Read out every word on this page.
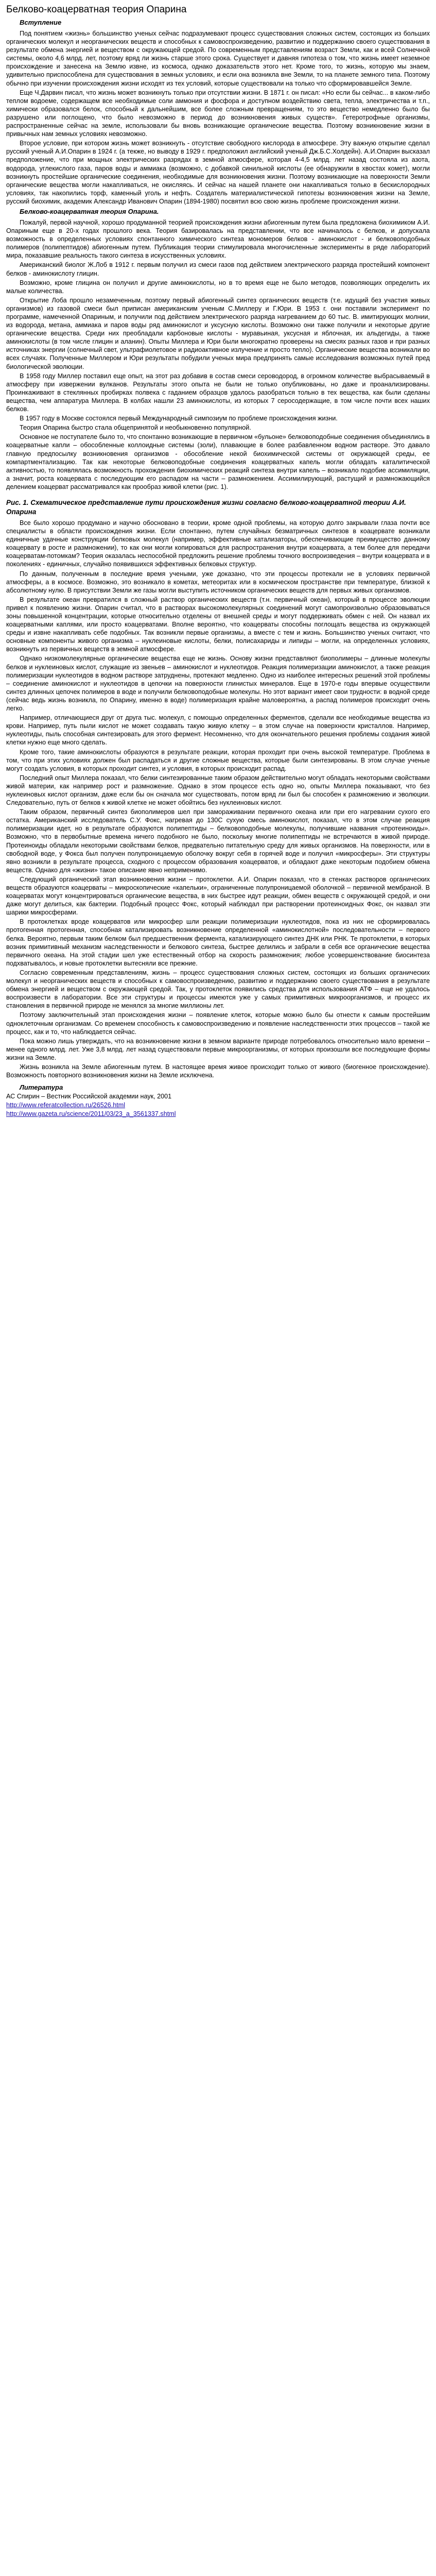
Белково-коацерватная теория Опарина
Вступление

Под понятием «жизнь» большинство ученых сейчас подразумевают процесс существования сложных систем, состоящих из больших органических молекул и неорганических веществ и способных к самовоспроизведению, развитию и поддержанию своего существования в результате обмена энергией и веществом с окружающей средой. По современным представлениям возраст Земли, как и всей Солнечной системы, около 4,6 млрд. лет, поэтому вряд ли жизнь старше этого срока. Существует и давняя гипотеза о том, что жизнь имеет неземное происхождение и занесена на Землю извне, из космоса, однако доказательств этого нет. Кроме того, то жизнь, которую мы знаем, удивительно приспособлена для существования в земных условиях, и если она возникла вне Земли, то на планете земного типа. Поэтому обычно при изучении происхождения жизни исходят из тех условий, которые существовали на только что сформировавшейся Земле.

Еще Ч.Дарвин писал, что жизнь может возникнуть только при отсутствии жизни. В 1871 г. он писал: «Но если бы сейчас... в каком-либо теплом водоеме, содержащем все необходимые соли аммония и фосфора и доступном воздействию света, тепла, электричества и т.п., химически образовался белок, способный к дальнейшим, все более сложным превращениям, то это вещество немедленно было бы разрушено или поглощено, что было невозможно в период до возникновения живых существ». Гетеротрофные организмы, распространенные сейчас на земле, использовали бы вновь возникающие органические вещества. Поэтому возникновение жизни в привычных нам земных условиях невозможно.

Второе условие, при котором жизнь может возникнуть - отсутствие свободного кислорода в атмосфере. Эту важную открытие сделал русский ученый А.И.Опарин в 1924 г. (а текже, но выводу в 1929 г. предположил английский ученый Дж.Б.С.Холдейн). А.И.Опарин высказал предположение, что при мощных электрических разрядах в земной атмосфере, которая 4-4,5 млрд. лет назад состояла из азота, водорода, углекислого газа, паров воды и аммиака (возможно, с добавкой синильной кислоты (ее обнаружили в хвостах комет), могли возникнуть простейшие органические соединения, необходимые для возникновения жизни. Поэтому возникающие на поверхности Земли органические вещества могли накапливаться, не окисляясь. И сейчас на нашей планете они накапливаться только в бескислородных условиях, так накопились торф, каменный уголь и нефть. Создатель материалистической гипотезы возникновения жизни на Земле, русский биохимик, академик Александр Иванович Опарин (1894-1980) посвятил всю свою жизнь проблеме происхождения жизни.

Белково-коацерватная теория Опарина.

Пожалуй, первой научной, хорошо продуманной теорией происхождения жизни абиогенным путем была предложена биохимиком А.И. Опариным еще в 20-х годах прошлого века. Теория базировалась на представлении, что все начиналось с белков, и допускала возможность в определенных условиях спонтанного химического синтеза мономеров белков - аминокислот - и белковоподобных полимеров (полипептидов) абиогенным путем. Публикация теории стимулировала многочисленные эксперименты в ряде лабораторий мира, показавшие реальность такого синтеза в искусственных условиях.

Американский биолог Ж.Лоб в 1912 г. первым получил из смеси газов под действием электрического разряда простейший компонент белков - аминокислоту глицин.

Возможно, кроме глицина он получил и другие аминокислоты, но в то время еще не было методов, позволяющих определить их малые количества.

Открытие Лоба прошло незамеченным, поэтому первый абиогенный синтез органических веществ (т.е. идущий без участия живых организмов) из газовой смеси был приписан американским ученым С.Миллеру и Г.Юри. В 1953 г. они поставили эксперимент по программе, намеченной Опариным, и получили под действием электрического разряда нагреванием до 60 тыс. В. имитирующих молнии, из водорода, метана, аммиака и паров воды ряд аминокислот и уксусную кислоты. Возможно они также получили и некоторые другие органические вещества. Среди них преобладали карбоновые кислоты - муравьиная, уксусная и яблочная, их альдегиды, а также аминокислоты (в том числе глицин и аланин). Опыты Миллера и Юри были многократно проверены на смесях разных газов и при разных источниках энергии (солнечный свет, ультрафиолетовое и радиоактивное излучение и просто тепло). Органические вещества возникали во всех случаях. Полученные Миллером и Юри результаты побудили ученых мира предпринять самые исследования возможных путей пред биологической эволюции.

В 1958 году Миллер поставил еще опыт, на этот раз добавив в состав смеси сероводород, в огромном количестве выбрасываемый в атмосферу при извержении вулканов. Результаты этого опыта не были не только опубликованы, но даже и проанализированы. Проинкаживают в стеклянных пробирках полвека с гаданием образцов удалось разобраться тольно в тех вещества, как были сделаны вещества, чем аппаратура Миллера. В колбах нашли 23 аминокислоты, из которых 7 серосодержащие, в том числе почти всех наших белков.

В 1957 году в Москве состоялся первый Международный симпозиум по проблеме происхождения жизни.

Теория Опарина быстро стала общепринятой и необыкновенно популярной.

Основное не поступателе было то, что спонтанно возникающие в первичном «бульоне» белковоподобные соединения объединялись в коацерватные капли – обособленные коллоидные системы (золи), плавающие в более разбавленном водном растворе. Это давало главную предпосылку возникновения организмов - обособление некой биохимической системы от окружающей среды, ее компартментализацию. Так как некоторые белковоподобные соединения коацерватных капель могли обладать каталитической активностью, то появлялась возможность прохождения биохимических реакций синтеза внутри капель – возникало подобие ассимиляции, а значит, роста коацервата с последующим его распадом на части – размножением. Ассимилирующий, растущий и размножающийся делением коацерват рассматривался как прообраз живой клетки (рис. 1).

Рис. 1. Схематическое представление пути происхождения жизни согласно белково-коацерватной теории А.И. Опарина

Все было хорошо продумано и научно обосновано в теории, кроме одной проблемы, на которую долго закрывали глаза почти все специалисты в области происхождения жизни. Если спонтанно, путем случайных безматричных синтезов в коацервате возникали единичные удачные конструкции белковых молекул (например, эффективные катализаторы, обеспечивающие преимущество данному коацервату в росте и размножении), то как они могли копироваться для распространения внутри коацервата, а тем более для передачи коацерватам-потомкам? Теория оказалась неспособной предложить решение проблемы точного воспроизведения – внутри коацервата и в поколениях - единичных, случайно появившихся эффективных белковых структур.

По данным, полученным в последние время учеными, уже доказано, что эти процессы протекали не в условиях первичной атмосферы, а в космосе. Возможно, это возникало в кометах, метеоритах или в космическом пространстве при температуре, близкой к абсолютному нулю. В присутствии Земли же газы могли выступить источником органических веществ для первых живых организмов.

В результате океан превратился в сложный раствор органических веществ (т.н. первичный океан), который в процессе эволюции привел к появлению жизни. Опарин считал, что в растворах высокомолекулярных соединений могут самопроизвольно образовываться зоны повышенной концентрации, которые относительно отделены от внешней среды и могут поддерживать обмен с ней. Он назвал их коацерватными каплями, или просто коацерватами. Вполне вероятно, что коацерваты способны поглощать вещества из окружающей среды и извне накапливать себе подобных. Так возникли первые организмы, а вместе с тем и жизнь. Большинство ученых считают, что основные компоненты живого организма – нуклеиновые кислоты, белки, полисахариды и липиды – могли, на определенных условиях, возникнуть из первичных веществ в земной атмосфере.

Однако низкомолекулярные органические вещества еще не жизнь. Основу жизни представляют биополимеры – длинные молекулы белков и нуклеиновых кислот, служащие из звеньев – аминокислот и нуклеотидов. Реакция полимеризации аминокислот, а также реакция полимеризации нуклеотидов в водном растворе затруднены, протекают медленно. Одно из наиболее интересных решений этой проблемы – соединение аминокислот и нуклеотидов в цепочки на поверхности глинистых минералов. Еще в 1970-е годы впервые осуществили синтез длинных цепочек полимеров в воде и получили белковоподобные молекулы. Но этот вариант имеет свои трудности: в водной среде (сейчас ведь жизнь возникла, по Опарину, именно в воде) полимеризация крайне маловероятна, а распад полимеров происходит очень легко.

Например, отличающиеся друг от друга тыс. молекул, с помощью определенных ферментов, сделали все необходимые вещества из крови. Например, путь пыли кислот не может создавать такую живую клетку – в этом случае на поверхности кристаллов. Например, нуклеотиды, пыль способная синтезировать для этого фермент. Несомненно, что для окончательного решения проблемы создания живой клетки нужно еще много сделать.

Кроме того, такие аминокислоты образуются в результате реакции, которая проходит при очень высокой температуре. Проблема в том, что при этих условиях должен был распадаться и другие сложные вещества, которые были синтезированы. В этом случае ученые могут создать условия, в которых проходит синтез, и условия, в которых происходит распад.

Последний опыт Миллера показал, что белки синтезированные таким образом действительно могут обладать некоторыми свойствами живой материи, как например рост и размножение. Однако в этом процессе есть одно но, опыты Миллера показывают, что без нуклеиновых кислот организм, даже если бы он сначала мог существовать, потом вряд ли был бы способен к размножению и эволюции. Следовательно, путь от белков к живой клетке не может обойтись без нуклеиновых кислот.

Таким образом, первичный синтез биополимеров шел при замораживании первичного океана или при его нагревании сухого его остатка. Американский исследователь С.У. Фокс, нагревая до 130С сухую смесь аминокислот, показал, что в этом случае реакция полимеризации идет, но в результате образуются полипептиды – белковоподобные молекулы, получившие названия «протеиноиды». Возможно, что в первобытные времена ничего подобного не было, поскольку многие полипептиды не встречаются в живой природе. Протеиноиды обладали некоторыми свойствами белков, предвательно питательную среду для живых организмов. На поверхности, или в свободной воде, у Фокса был получен полупроницаемую оболочку вокруг себя в горячей воде и получил «микросферы». Эти структуры явно возникли в результате процесса, сходного с процессом образования коацерватов, и обладают даже некоторым подобием обмена веществ. Однако для «жизни» такое описание явно неприменимо.

Следующий органический этап возникновения жизни – протоклетки. А.И. Опарин показал, что в стенках растворов органических веществ образуются коацерваты – микроскопические «капельки», ограниченные полупроницаемой оболочкой – первичной мембраной. В коацерватах могут концентрироваться органические вещества, в них быстрее идут реакции, обмен веществ с окружающей средой, и они даже могут делиться, как бактерии. Подобный процесс Фокс, который наблюдал при растворении протеиноидных Фокс, он назвал эти шарики микросферами.

В протоклетках вроде коацерватов или микросфер шли реакции полимеризации нуклеотидов, пока из них не сформировалась протогенная протогенная, способная катализировать возникновение определенной «аминокислотной» последовательности – первого белка. Вероятно, первым таким белком был предшественник фермента, катализирующего синтез ДНК или РНК. Те протоклетки, в которых возник примитивный механизм наследственности и белкового синтеза, быстрее делились и забрали в себя все органические вещества первичного океана. На этой стадии шел уже естественный отбор на скорость размножения; любое усовершенствование биосинтеза подхватывалось, и новые протоклетки вытесняли все прежние.

Согласно современным представлениям, жизнь – процесс существования сложных систем, состоящих из больших органических молекул и неорганических веществ и способных к самовоспроизведению, развитию и поддержанию своего существования в результате обмена энергией и веществом с окружающей средой. Так, у протоклеток появились средства для использования АТФ – еще не удалось воспроизвести в лаборатории. Все эти структуры и процессы имеются уже у самых примитивных микроорганизмов, и процесс их становления в первичной природе не менялся за многие миллионы лет.

Поэтому заключительный этап происхождения жизни – появление клеток, которые можно было бы отнести к самым простейшим одноклеточным организмам. Со временем способность к самовоспроизведению и появление наследственности этих процессов – такой же процесс, как и то, что наблюдается сейчас.

Пока можно лишь утверждать, что на возникновение жизни в земном варианте природе потребовалось относительно мало времени – менее одного млрд. лет. Уже 3,8 млрд. лет назад существовали первые микроорганизмы, от которых произошли все последующие формы жизни на Земле.

Жизнь возникла на Земле абиогенным путем. В настоящее время живое происходит только от живого (биогенное происхождение). Возможность повторного возникновения жизни на Земле исключена.

Литература
АС Спирин – Вестник Российской академии наук, 2001
http://www.referatcollection.ru/26526.html
http://www.gazeta.ru/science/2011/03/23_a_3561337.shtml
